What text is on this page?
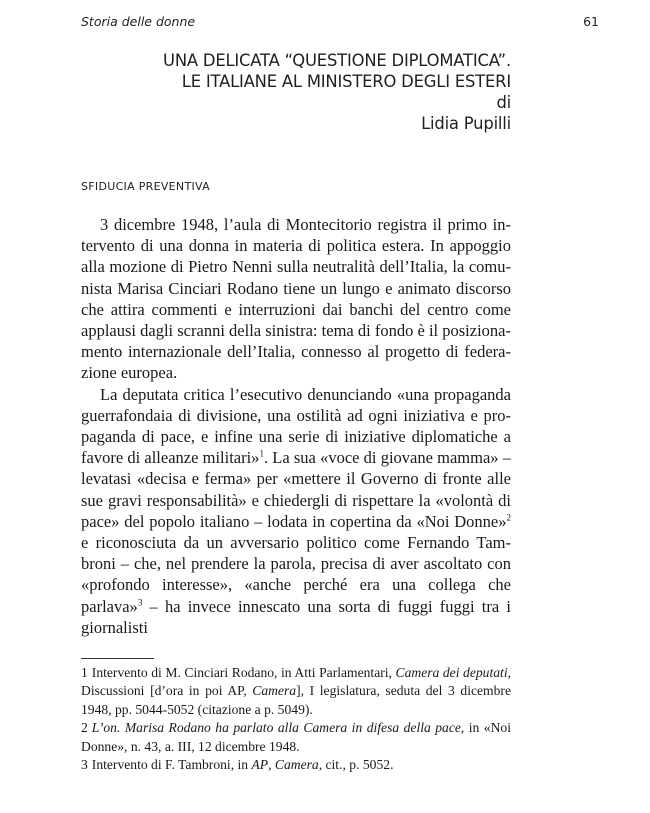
Storia delle donne	61
UNA DELICATA “QUESTIONE DIPLOMATICA”.
LE ITALIANE AL MINISTERO DEGLI ESTERI
di
Lidia Pupilli
SFIDUCIA PREVENTIVA

3 dicembre 1948, l’aula di Montecitorio registra il primo intervento di una donna in materia di politica estera. In appoggio alla mozione di Pietro Nenni sulla neutralità dell’Italia, la comunista Marisa Cinciari Rodano tiene un lungo e animato discorso che attira commenti e interruzioni dai banchi del centro come applausi dagli scranni della sinistra: tema di fondo è il posizionamento internazionale dell’Italia, connesso al progetto di federazione europea.

La deputata critica l’esecutivo denunciando «una propaganda guerrafondaia di divisione, una ostilità ad ogni iniziativa e propaganda di pace, e infine una serie di iniziative diplomatiche a favore di alleanze militari»$^1$. La sua «voce di giovane mamma» – levatasi «decisa e ferma» per «mettere il Governo di fronte alle sue gravi responsabilità» e chiedergli di rispettare la «volontà di pace» del popolo italiano – lodata in copertina da «Noi Donne»$^2$ e riconosciuta da un avversario politico come Fernando Tambroni – che, nel prendere la parola, precisa di aver ascoltato con «profondo interesse», «anche perché era una collega che parlava»$^3$ – ha invece innescato una sorta di fuggi fuggi tra i giornalisti

1 Intervento di M. Cinciari Rodano, in Atti Parlamentari, Camera dei deputati, Discussioni [d’ora in poi AP, Camera], I legislatura, seduta del 3 dicembre 1948, pp. 5044-5052 (citazione a p. 5049).

2 L’on. Marisa Rodano ha parlato alla Camera in difesa della pace, in «Noi Donne», n. 43, a. III, 12 dicembre 1948.

3 Intervento di F. Tambroni, in AP, Camera, cit., p. 5052.
